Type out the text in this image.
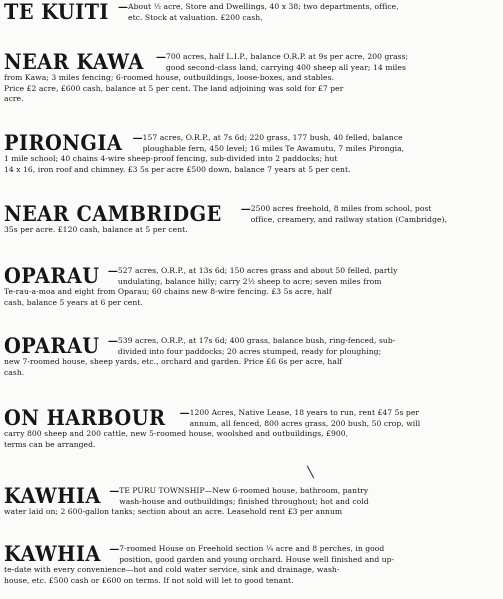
TE KUITI — About ½ acre, Store and Dwellings, 40 x 38; two departments, office,
etc. Stock at valuation. £200 cash,
NEAR KAWA — 700 acres, half L.I.P., balance O.R.P. at 9s per acre, 200 grass;
good second-class land, carrying 400 sheep all year; 14 miles
from Kawa; 3 miles fencing; 6-roomed house, outbuildings, loose-boxes, and stables.
Price £2 acre, £600 cash, balance at 5 per cent. The land adjoining was sold for £7 per
acre.
PIRONGIA — 157 acres, O.R.P., at 7s 6d; 220 grass, 177 bush, 40 felled, balance
ploughable fern, 450 level; 16 miles Te Awamutu, 7 miles Pirongia,
1 mile school; 40 chains 4-wire sheep-proof fencing, sub-divided into 2 paddocks; hut
14 x 16, iron roof and chimney. £3 5s per acre £500 down, balance 7 years at 5 per cent.
NEAR CAMBRIDGE — 2500 acres freehold, 8 miles from school, post
office, creamery, and railway station (Cambridge),
35s per acre. £120 cash, balance at 5 per cent.
OPARAU — 527 acres, O.R.P., at 13s 6d; 150 acres grass and about 50 felled, partly
undulating, balance hilly; carry 2½ sheep to acre; seven miles from
Te-rau-a-moa and eight from Oparau; 60 chains new 8-wire fencing. £3 5s acre, half
cash, balance 5 years at 6 per cent.
OPARAU — 539 acres, O.R.P., at 17s 6d; 400 grass, balance bush, ring-fenced, sub-
divided into four paddocks; 20 acres stumped, ready for ploughing;
new 7-roomed house, sheep yards, etc., orchard and garden. Price £6 6s per acre, half
cash.
ON HARBOUR — 1200 Acres, Native Lease, 18 years to run, rent £47 5s per
annum, all fenced, 800 acres grass, 200 bush, 50 crop, will
carry 800 sheep and 200 cattle, new 5-roomed house, woolshed and outbuildings, £900,
terms can be arranged.
KAWHIA — TE PURU TOWNSHIP—New 6-roomed house, bathroom, pantry
wash-house and outbuildings; finished throughout; hot and cold
water laid on; 2 600-gallon tanks; section about an acre. Leasehold rent £3 per annum
KAWHIA — 7-roomed House on Freehold section ¼ acre and 8 perches, in good
position, good garden and young orchard. House well finished and up-
te-date with every convenience—hot and cold water service, sink and drainage, wash-
house, etc. £500 cash or £600 on terms. If not sold will let to good tenant.
